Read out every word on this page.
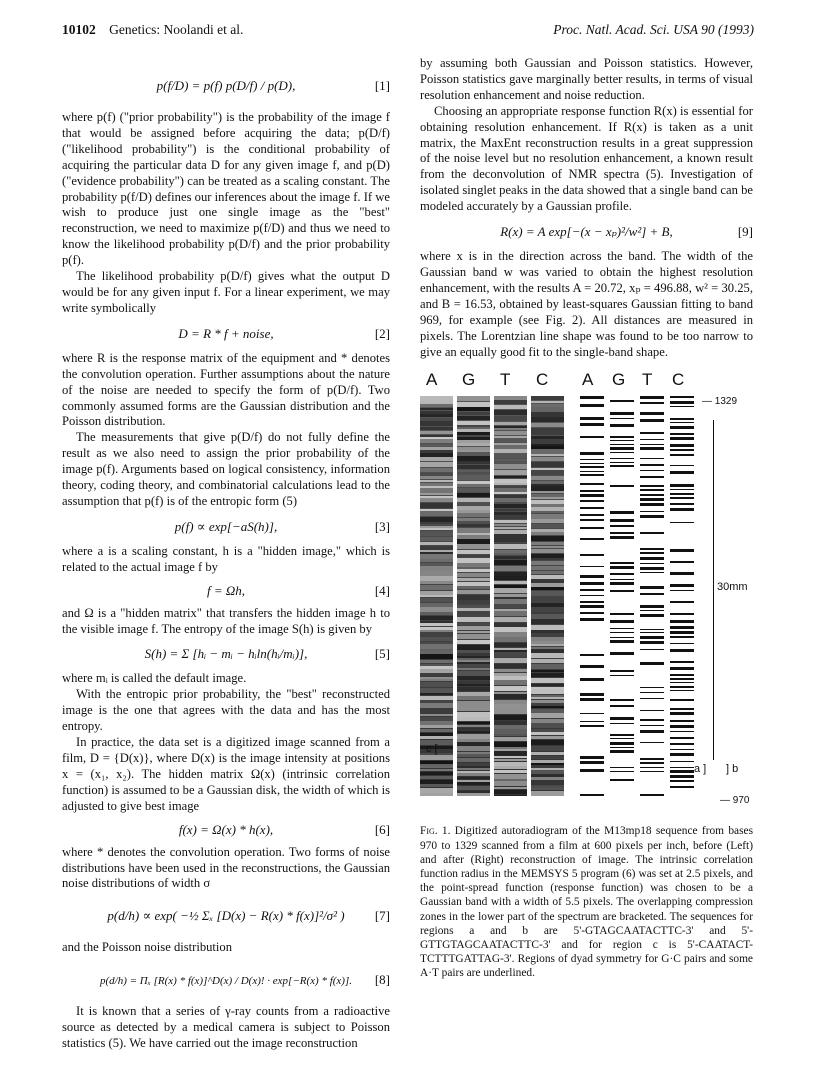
10102 Genetics: Noolandi et al.	Proc. Natl. Acad. Sci. USA 90 (1993)
p(f/D) = p(f) p(D/f) / p(D),	[1]

where p(f) ("prior probability") is the probability of the image f that would be assigned before acquiring the data; p(D/f) ("likelihood probability") is the conditional probability of acquiring the particular data D for any given image f, and p(D) ("evidence probability") can be treated as a scaling constant. The probability p(f/D) defines our inferences about the image f. If we wish to produce just one single image as the "best" reconstruction, we need to maximize p(f/D) and thus we need to know the likelihood probability p(D/f) and the prior probability p(f).

The likelihood probability p(D/f) gives what the output D would be for any given input f. For a linear experiment, we may write symbolically

D = R * f + noise,	[2]

where R is the response matrix of the equipment and * denotes the convolution operation. Further assumptions about the nature of the noise are needed to specify the form of p(D/f). Two commonly assumed forms are the Gaussian distribution and the Poisson distribution.

The measurements that give p(D/f) do not fully define the result as we also need to assign the prior probability of the image p(f). Arguments based on logical consistency, information theory, coding theory, and combinatorial calculations lead to the assumption that p(f) is of the entropic form (5)

p(f) ∝ exp[−aS(h)],	[3]

where a is a scaling constant, h is a "hidden image," which is related to the actual image f by

f = Ωh,	[4]

and Ω is a "hidden matrix" that transfers the hidden image h to the visible image f. The entropy of the image S(h) is given by

S(h) = Σ [hᵢ − mᵢ − hᵢln(hᵢ/mᵢ)],	[5]

where mᵢ is called the default image.

With the entropic prior probability, the "best" reconstructed image is the one that agrees with the data and has the most entropy.

In practice, the data set is a digitized image scanned from a film, D = {D(x)}, where D(x) is the image intensity at positions x = (x₁, x₂). The hidden matrix Ω(x) (intrinsic correlation function) is assumed to be a Gaussian disk, the width of which is adjusted to give best image

f(x) = Ω(x) * h(x),	[6]

where * denotes the convolution operation. Two forms of noise distributions have been used in the reconstructions, the Gaussian noise distributions of width σ

p(d/h) ∝ exp( −½ Σₓ [D(x) − R(x) * f(x)]²/σ² ) [7]

and the Poisson noise distribution

p(d/h) = Πₓ [R(x) * f(x)]^D(x) / D(x)! · exp[−R(x) * f(x)]. [8]

It is known that a series of γ-ray counts from a radioactive source as detected by a medical camera is subject to Poisson statistics (5). We have carried out the image reconstruction

by assuming both Gaussian and Poisson statistics. However, Poisson statistics gave marginally better results, in terms of visual resolution enhancement and noise reduction.

Choosing an appropriate response function R(x) is essential for obtaining resolution enhancement. If R(x) is taken as a unit matrix, the MaxEnt reconstruction results in a great suppression of the noise level but no resolution enhancement, a known result from the deconvolution of NMR spectra (5). Investigation of isolated singlet peaks in the data showed that a single band can be modeled accurately by a Gaussian profile.

R(x) = A exp[−(x − xₚ)²/w²] + B,	[9]

where x is in the direction across the band. The width of the Gaussian band w was varied to obtain the highest resolution enhancement, with the results A = 20.72, xₚ = 496.88, w² = 30.25, and B = 16.53, obtained by least-squares Gaussian fitting to band 969, for example (see Fig. 2). All distances are measured in pixels. The Lorentzian line shape was found to be too narrow to give an equally good fit to the single-band shape.

A G T C A G T C
— 1329
30mm
c [
a ] ] b
— 970

Fig. 1. Digitized autoradiogram of the M13mp18 sequence from bases 970 to 1329 scanned from a film at 600 pixels per inch, before (Left) and after (Right) reconstruction of image. The intrinsic correlation function radius in the MEMSYS 5 program (6) was set at 2.5 pixels, and the point-spread function (response function) was chosen to be a Gaussian band with a width of 5.5 pixels. The overlapping compression zones in the lower part of the spectrum are bracketed. The sequences for regions a and b are 5'-GTAGCAATACTTC-3' and 5'-GTTGTAGCAATACTTC-3' and for region c is 5'-CAATACT-TCTTTGATTAG-3'. Regions of dyad symmetry for G·C pairs and some A·T pairs are underlined.
